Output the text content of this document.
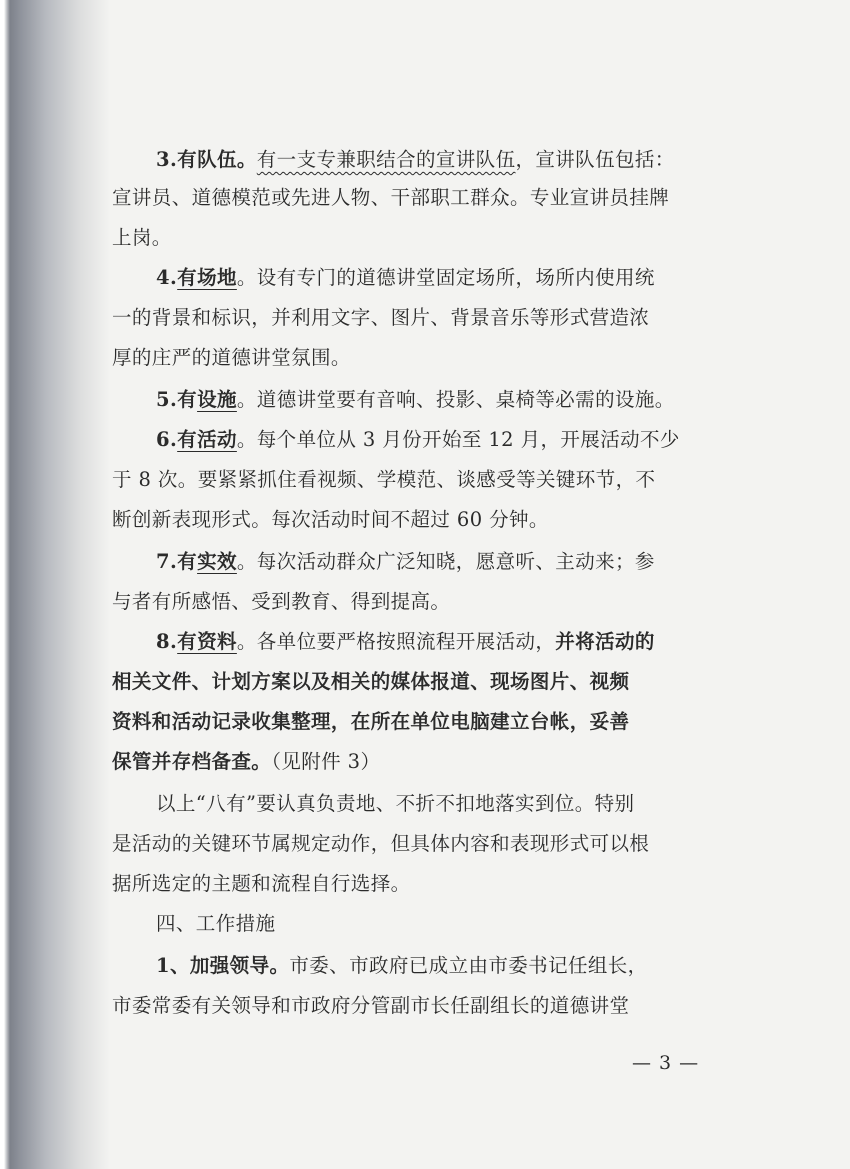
3.有队伍。有一支专兼职结合的宣讲队伍，宣讲队伍包括：
宣讲员、道德模范或先进人物、干部职工群众。专业宣讲员挂牌
上岗。
4.有场地。设有专门的道德讲堂固定场所，场所内使用统
一的背景和标识，并利用文字、图片、背景音乐等形式营造浓
厚的庄严的道德讲堂氛围。
5.有设施。道德讲堂要有音响、投影、桌椅等必需的设施。
6.有活动。每个单位从 3 月份开始至 12 月，开展活动不少
于 8 次。要紧紧抓住看视频、学模范、谈感受等关键环节，不
断创新表现形式。每次活动时间不超过 60 分钟。
7.有实效。每次活动群众广泛知晓，愿意听、主动来；参
与者有所感悟、受到教育、得到提高。
8.有资料。各单位要严格按照流程开展活动，并将活动的
相关文件、计划方案以及相关的媒体报道、现场图片、视频
资料和活动记录收集整理，在所在单位电脑建立台帐，妥善
保管并存档备查。（见附件 3）
以上“八有”要认真负责地、不折不扣地落实到位。特别
是活动的关键环节属规定动作，但具体内容和表现形式可以根
据所选定的主题和流程自行选择。
四、工作措施
1、加强领导。市委、市政府已成立由市委书记任组长，
市委常委有关领导和市政府分管副市长任副组长的道德讲堂
— 3 —
